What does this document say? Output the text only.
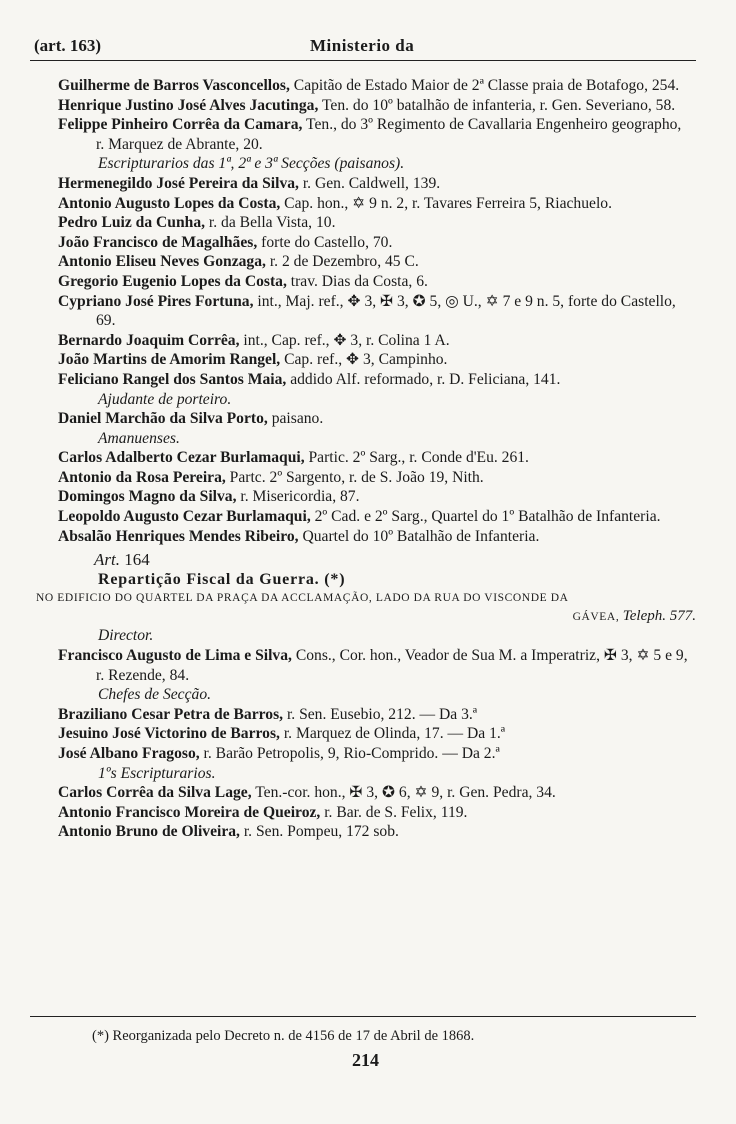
(art. 163)	Ministerio da
Guilherme de Barros Vasconcellos, Capitão de Estado Maior de 2ª Classe praia de Botafogo, 254.
Henrique Justino José Alves Jacutinga, Ten. do 10º batalhão de infanteria, r. Gen. Severiano, 58.
Felippe Pinheiro Corrêa da Camara, Ten., do 3º Regimento de Cavallaria Engenheiro geographo, r. Marquez de Abrante, 20.
Escripturarios das 1ª, 2ª e 3ª Secções (paisanos).
Hermenegildo José Pereira da Silva, r. Gen. Caldwell, 139.
Antonio Augusto Lopes da Costa, Cap. hon., ✡ 9 n. 2, r. Tavares Ferreira 5, Riachuelo.
Pedro Luiz da Cunha, r. da Bella Vista, 10.
João Francisco de Magalhães, forte do Castello, 70.
Antonio Eliseu Neves Gonzaga, r. 2 de Dezembro, 45 C.
Gregorio Eugenio Lopes da Costa, trav. Dias da Costa, 6.
Cypriano José Pires Fortuna, int., Maj. ref., ✥ 3, ✠ 3, ✪ 5, ◎ U., ✡ 7 e 9 n. 5, forte do Castello, 69.
Bernardo Joaquim Corrêa, int., Cap. ref., ✥ 3, r. Colina 1 A.
João Martins de Amorim Rangel, Cap. ref., ✥ 3, Campinho.
Feliciano Rangel dos Santos Maia, addido Alf. reformado, r. D. Feliciana, 141.
Ajudante de porteiro.
Daniel Marchão da Silva Porto, paisano.
Amanuenses.
Carlos Adalberto Cezar Burlamaqui, Partic. 2º Sarg., r. Conde d'Eu. 261.
Antonio da Rosa Pereira, Partc. 2º Sargento, r. de S. João 19, Nith.
Domingos Magno da Silva, r. Misericordia, 87.
Leopoldo Augusto Cezar Burlamaqui, 2º Cad. e 2º Sarg., Quartel do 1º Batalhão de Infanteria.
Absalão Henriques Mendes Ribeiro, Quartel do 10º Batalhão de Infanteria.
Art. 164
Repartição Fiscal da Guerra. (*)
NO EDIFICIO DO QUARTEL DA PRAÇA DA ACCLAMAÇÃO, LADO DA RUA DO VISCONDE DA
GÁVEA, Teleph. 577.
Director.
Francisco Augusto de Lima e Silva, Cons., Cor. hon., Veador de Sua M. a Imperatriz, ✠ 3, ✡ 5 e 9, r. Rezende, 84.
Chefes de Secção.
Braziliano Cesar Petra de Barros, r. Sen. Eusebio, 212. — Da 3.ª
Jesuino José Victorino de Barros, r. Marquez de Olinda, 17. — Da 1.ª
José Albano Fragoso, r. Barão Petropolis, 9, Rio-Comprido. — Da 2.ª
1ºs Escripturarios.
Carlos Corrêa da Silva Lage, Ten.-cor. hon., ✠ 3, ✪ 6, ✡ 9, r. Gen. Pedra, 34.
Antonio Francisco Moreira de Queiroz, r. Bar. de S. Felix, 119.
Antonio Bruno de Oliveira, r. Sen. Pompeu, 172 sob.
(*) Reorganizada pelo Decreto n. de 4156 de 17 de Abril de 1868.
214
